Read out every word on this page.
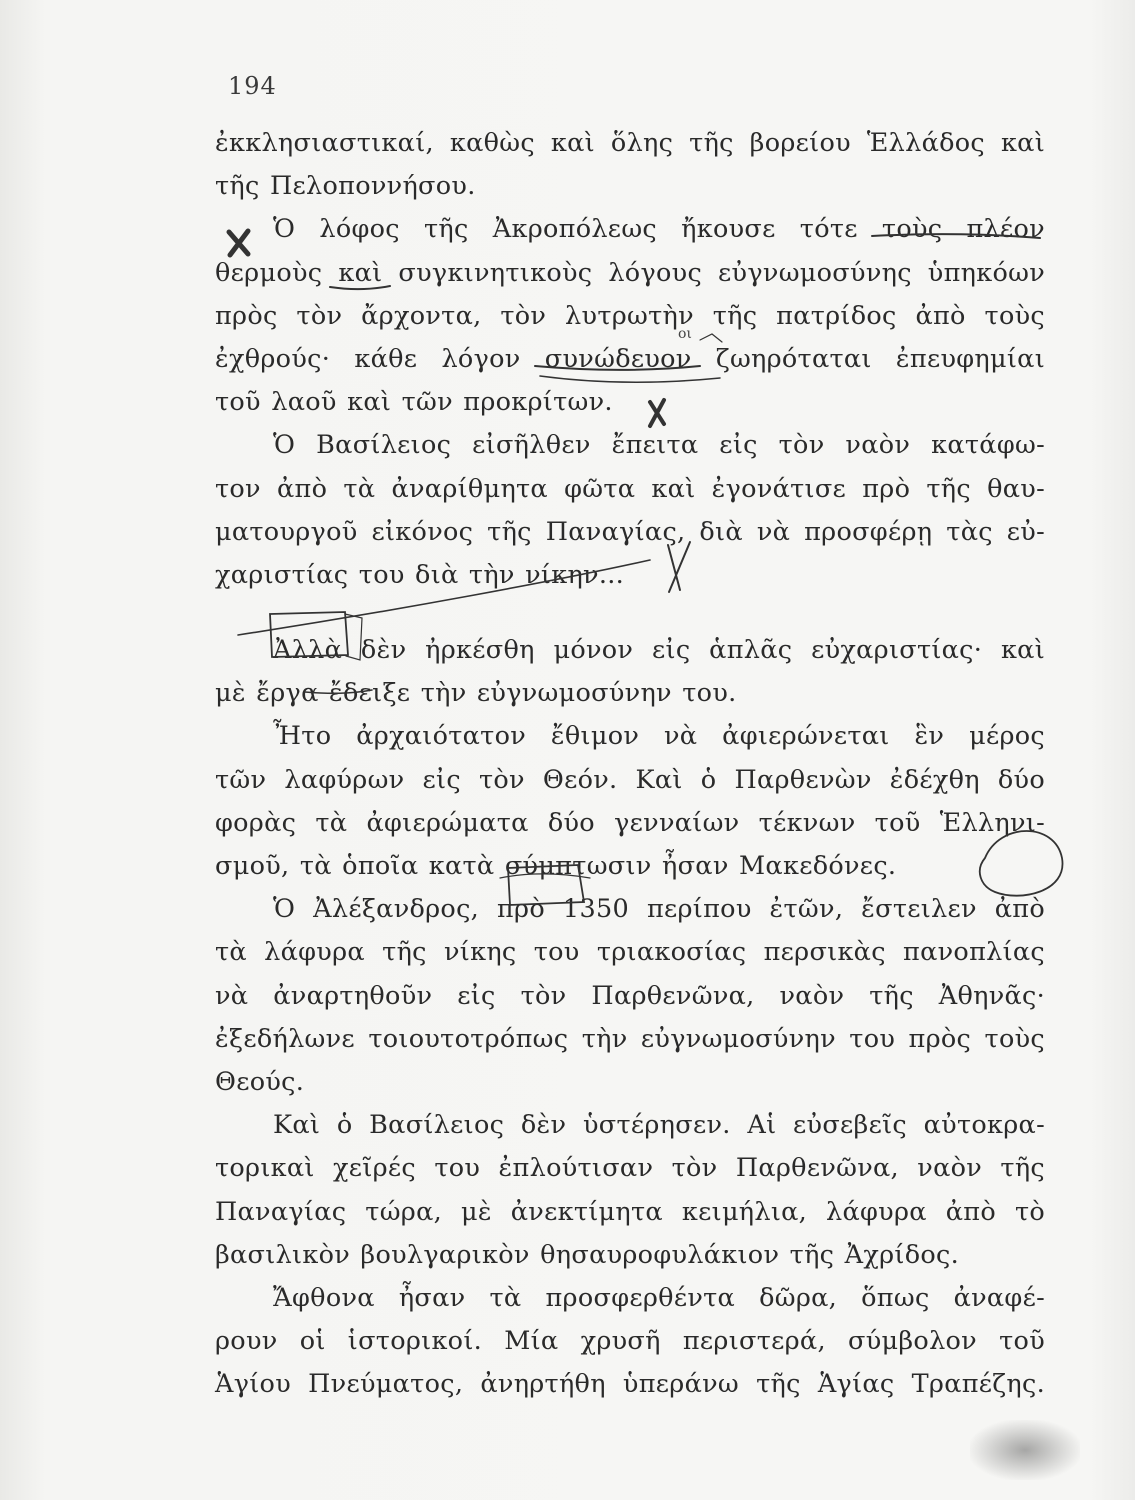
194
ἐκκλησιαστικαί, καθὼς καὶ ὅλης τῆς βορείου Ἑλλάδος καὶ
τῆς Πελοποννήσου.
Ὁ λόφος τῆς Ἀκροπόλεως ἤκουσε τότε τοὺς πλέον
θερμοὺς καὶ συγκινητικοὺς λόγους εὐγνωμοσύνης ὑπηκόων
πρὸς τὸν ἄρχοντα, τὸν λυτρωτὴν τῆς πατρίδος ἀπὸ τοὺς
ἐχθρούς· κάθε λόγον συνώδευον ζωηρόταται ἐπευφημίαι
τοῦ λαοῦ καὶ τῶν προκρίτων.
Ὁ Βασίλειος εἰσῆλθεν ἔπειτα εἰς τὸν ναὸν κατάφω-
τον ἀπὸ τὰ ἀναρίθμητα φῶτα καὶ ἐγονάτισε πρὸ τῆς θαυ-
ματουργοῦ εἰκόνος τῆς Παναγίας, διὰ νὰ προσφέρῃ τὰς εὐ-
χαριστίας του διὰ τὴν νίκην...
Ἀλλὰ δὲν ἠρκέσθη μόνον εἰς ἁπλᾶς εὐχαριστίας· καὶ
μὲ ἔργα ἔδειξε τὴν εὐγνωμοσύνην του.
Ἦτο ἀρχαιότατον ἔθιμον νὰ ἀφιερώνεται ἓν μέρος
τῶν λαφύρων εἰς τὸν Θεόν. Καὶ ὁ Παρθενὼν ἐδέχθη δύο
φορὰς τὰ ἀφιερώματα δύο γενναίων τέκνων τοῦ Ἑλληνι-
σμοῦ, τὰ ὁποῖα κατὰ σύμπτωσιν ἦσαν Μακεδόνες.
Ὁ Ἀλέξανδρος, πρὸ 1350 περίπου ἐτῶν, ἔστειλεν ἀπὸ
τὰ λάφυρα τῆς νίκης του τριακοσίας περσικὰς πανοπλίας
νὰ ἀναρτηθοῦν εἰς τὸν Παρθενῶνα, ναὸν τῆς Ἀθηνᾶς·
ἐξεδήλωνε τοιουτοτρόπως τὴν εὐγνωμοσύνην του πρὸς τοὺς
Θεούς.
Καὶ ὁ Βασίλειος δὲν ὑστέρησεν. Αἱ εὐσεβεῖς αὐτοκρα-
τορικαὶ χεῖρές του ἐπλούτισαν τὸν Παρθενῶνα, ναὸν τῆς
Παναγίας τώρα, μὲ ἀνεκτίμητα κειμήλια, λάφυρα ἀπὸ τὸ
βασιλικὸν βουλγαρικὸν θησαυροφυλάκιον τῆς Ἀχρίδος.
Ἄφθονα ἦσαν τὰ προσφερθέντα δῶρα, ὅπως ἀναφέ-
ρουν οἱ ἱστορικοί. Μία χρυσῆ περιστερά, σύμβολον τοῦ
Ἁγίου Πνεύματος, ἀνηρτήθη ὑπεράνω τῆς Ἁγίας Τραπέζης.
οι
